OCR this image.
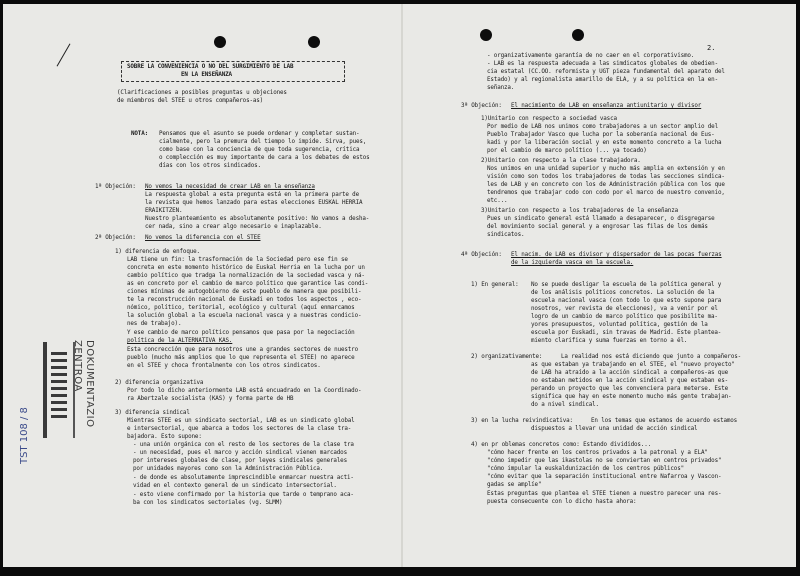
SOBRE LA CONVENIENCIA O NO DEL SURGIMIENTO DE LAB
EN LA ENSEÑANZA
(Clarificaciones a posibles preguntas u objeciones
de miembros del STEE u otros compañeros-as)
NOTA: Pensamos que el asunto se puede ordenar y completar sustan-
cialmente, pero la premura del tiempo lo impide. Sirva, pues,
como base con la conciencia de que toda sugerencia, crítica
o complección es muy importante de cara a los debates de estos
días con los otros sindicados.
1ª Objeción: No vemos la necesidad de crear LAB en la enseñanza
La respuesta global a esta pregunta está en la primera parte de
la revista que hemos lanzado para estas elecciones EUSKAL HERRIA
ERAIKITZEN.
Nuestro planteamiento es absolutamente positivo: No vamos a desha-
cer nada, sino a crear algo necesario e inaplazable.
2ª Objeción: No vemos la diferencia con el STEE
1) diferencia de enfoque.
LAB tiene un fin: la trasformación de la Sociedad pero ese fin se
concreta en este momento histórico de Euskal Herria en la lucha por un
cambio político que tradga la normalización de la sociedad vasca y ná-
as en concreto por el cambio de marco político que garantice las condi-
ciones mínimas de autogobierno de este pueblo de manera que posibili-
te la reconstrucción nacional de Euskadi en todos los aspectos , eco-
nómico, político, teritorial, ecológico y cultural (aquí enmarcamos
la solución global a la escuela nacional vasca y a nuestras condicio-
nes de trabajo).
Y ese cambio de marco político pensamos que pasa por la negociación
política de la ALTERNATIVA KAS.
Esta concrección que para nosotros une a grandes sectores de nuestro
pueblo (mucho más amplios que lo que representa el STEE) no aparece
en el STEE y choca frontalmente con los otros sindicatos.
2) diferencia organizativa
Por todo lo dicho anteriormente LAB está encuadrado en la Coordinado-
ra Abertzale socialista (KAS) y forma parte de HB
3) diferencia sindical
Mientras STEE es un sindicato sectorial, LAB es un sindicato global
e intersectorial, que abarca a todos los sectores de la clase tra-
bajadora. Esto supone:
- una unión orgánica con el resto de los sectores de la clase tra
- un necesidad, pues el marco y acción sindical vienen marcados
por intereses globales de clase, por leyes sindicales generales
por unidades mayores como son la Administración Pública.
- de donde es absolutamente imprescindible enmarcar nuestra acti-
vidad en el contexto general de un sindicato intersectorial.
- esto viene confirmado por la historia que tarde o temprano aca-
ba con los sindicatos sectoriales (vg. SLMM)
DOKUMENTAZIO
ZENTROA
TST 108 / 8
2.
- organizativamente garantía de no caer en el corporativismo.
- LAB es la respuesta adecuada a las simdicatos globales de obedien-
cia estatal (CC.OO. reformista y UGT pieza fundamental del aparato del
Estado) y al regionalista amarillo de ELA, y a su política en la en-
señanza.
3ª Objeción: El nacimiento de LAB en enseñanza antiunitario y divisor
1)Unitario con respecto a sociedad vasca
Por medio de LAB nos unimos como trabajadores a un sector amplio del
Pueblo Trabajador Vasco que lucha por la soberanía nacional de Eus-
kadi y por la liberación social y en este momento concreto a la lucha
por el cambio de marco político (... ya tocado)
2)Unitario con respecto a la clase trabajadora.
Nos unimos en una unidad superior y mucho más amplia en extensión y en
visión como son todos los trabajadores de todas las secciones sindica-
les de LAB y en concreto con los de Administración pública con los que
tendremos que trabajar codo con codo por el marco de nuestro convenio,
etc...
3)Unitario con respecto a los trabajadores de la enseñanza
Pues un sindicato general está llamado a desaparecer, o disgregarse
del movimiento social general y a engrosar las filas de los demás
sindicatos.
4ª Objeción: El nacim. de LAB es divisor y dispersador de las pocas fuerzas
de la izquierda vasca en la escuela.
1) En general: No se puede desligar la escuela de la política general y
de los análisis políticos concretos. La solución de la
escuela nacional vasca (con todo lo que esto supone para
nosotros, ver revista de elecciones), va a venir por el
logro de un cambio de marco político que posibilite ma-
yores presupuestos, voluntad política, gestión de la
escuela por Euskadi, sin travas de Madrid. Este plantea-
miento clarifica y suma fuerzas en torno a él.
2) organizativamente:	La realidad nos está diciendo que junto a compañeros-
as que estaban ya trabajando en el STEE, el "nuevo proyecto"
de LAB ha atraído a la acción sindical a compañeros-as que
no estaban metidos en la acción sindical y que estaban es-
perando un proyecto que les convenciera para meterse. Este
significa que hay en este momento mucho más gente trabajan-
do a nivel sindical.
3) en la lucha reivindicativa:	En los temas que estamos de acuerdo estamos
dispuestos a llevar una unidad de acción sindical
4) en pr oblemas concretos como: Estando divididos...
"cómo hacer frente en los centros privados a la patronal y a ELA"
"cómo impedir que las ikastolas no se conviertan en centros privados"
"cómo impular la euskaldunización de los centros públicos"
"cómo evitar que la separación institucional entre Nafarroa y Vascon-
gadas se amplíe"
Estas preguntas que plantea el STEE tienen a nuestro parecer una res-
puesta consecuente con lo dicho hasta ahora:
